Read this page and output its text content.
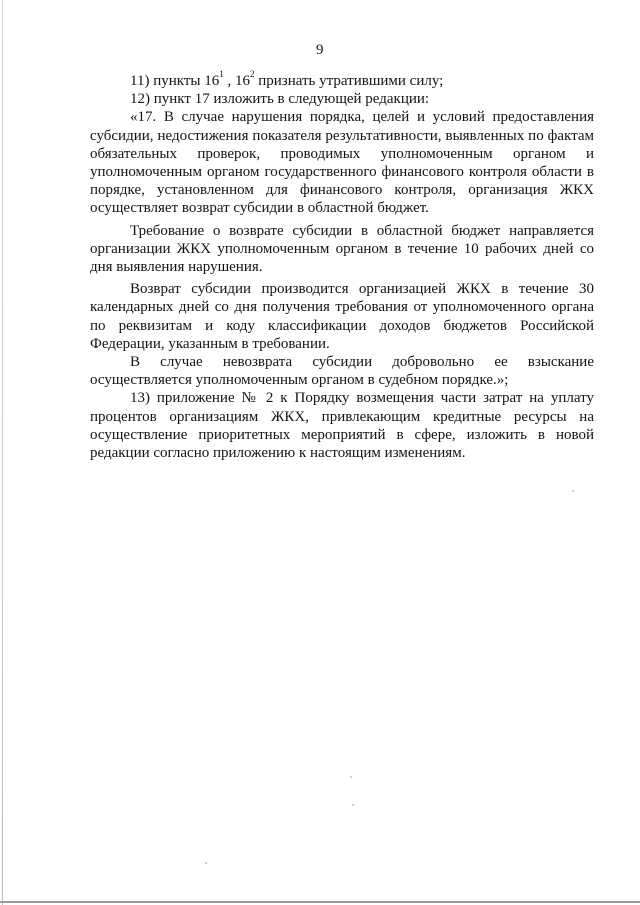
9

11) пункты $16^1$ , $16^2$ признать утратившими силу;

12) пункт 17 изложить в следующей редакции:

«17. В случае нарушения порядка, целей и условий предоставления субсидии, недостижения показателя результативности, выявленных по фактам обязательных проверок, проводимых уполномоченным органом и уполномоченным органом государственного финансового контроля области в порядке, установленном для финансового контроля, организация ЖКХ осуществляет возврат субсидии в областной бюджет.

Требование о возврате субсидии в областной бюджет направляется организации ЖКХ уполномоченным органом в течение 10 рабочих дней со дня выявления нарушения.

Возврат субсидии производится организацией ЖКХ в течение 30 календарных дней со дня получения требования от уполномоченного органа по реквизитам и коду классификации доходов бюджетов Российской Федерации, указанным в требовании.

В случае невозврата субсидии добровольно ее взыскание осуществляется уполномоченным органом в судебном порядке.»;

13) приложение № 2 к Порядку возмещения части затрат на уплату процентов организациям ЖКХ, привлекающим кредитные ресурсы на осуществление приоритетных мероприятий в сфере, изложить в новой редакции согласно приложению к настоящим изменениям.
